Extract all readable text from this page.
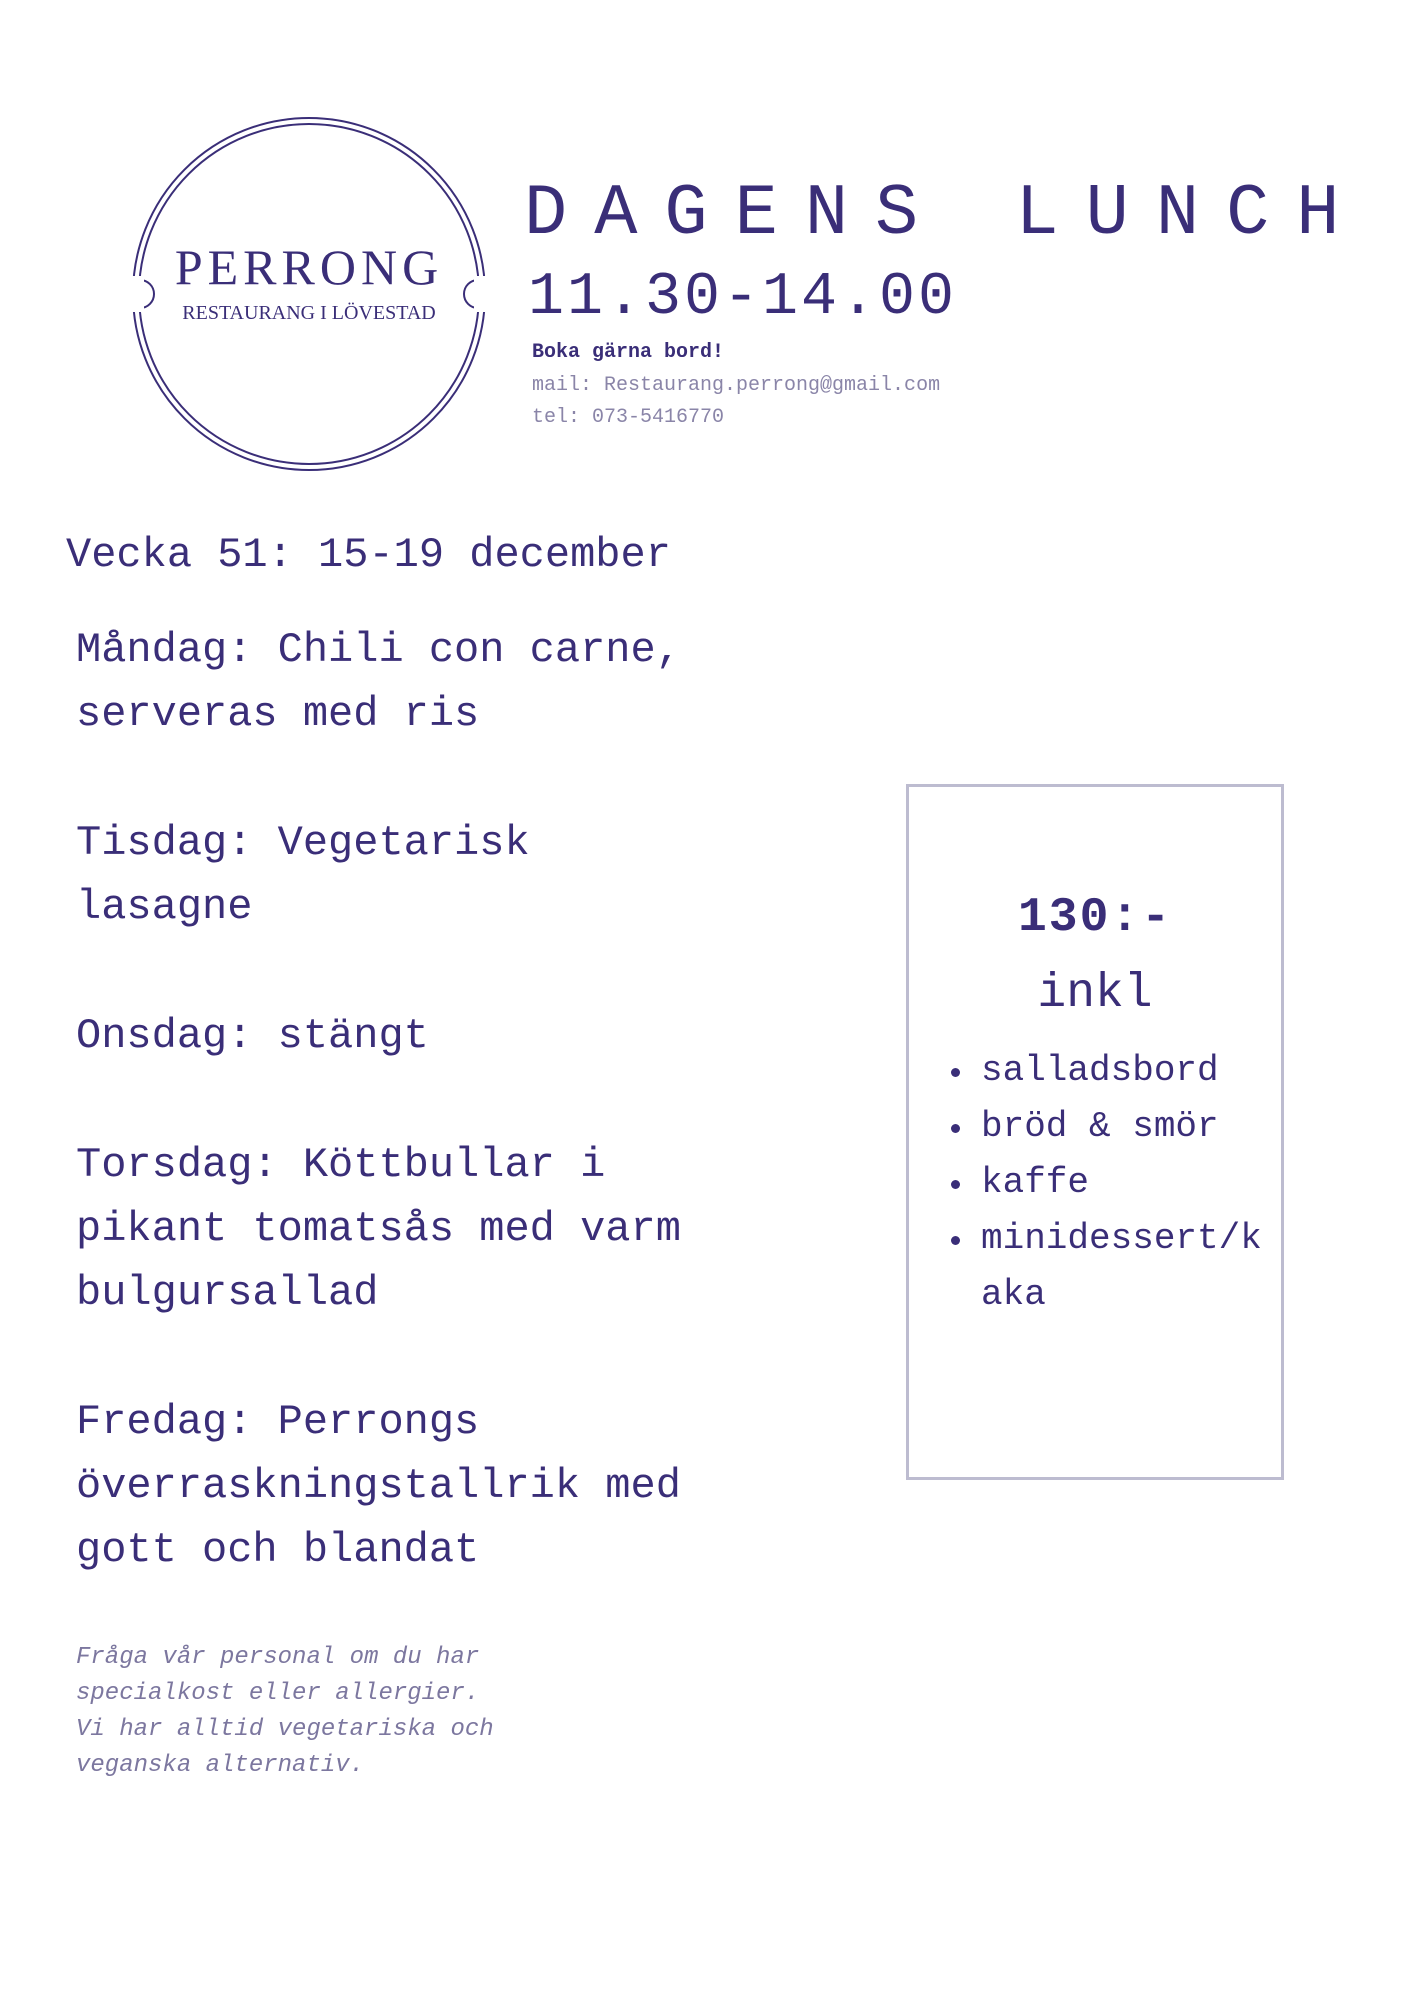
PERRONG
RESTAURANG I LÖVESTAD
DAGENS LUNCH
11.30-14.00
Boka gärna bord!
mail: Restaurang.perrong@gmail.com
tel: 073-5416770
Vecka 51: 15-19 december

Måndag: Chili con carne,
serveras med ris

Tisdag: Vegetarisk
lasagne

Onsdag: stängt

Torsdag: Köttbullar i
pikant tomatsås med varm
bulgursallad

Fredag: Perrongs
överraskningstallrik med
gott och blandat

Fråga vår personal om du har
specialkost eller allergier.
Vi har alltid vegetariska och
veganska alternativ.
130:-
inkl
salladsbord
bröd & smör
kaffe
minidessert/kaka
